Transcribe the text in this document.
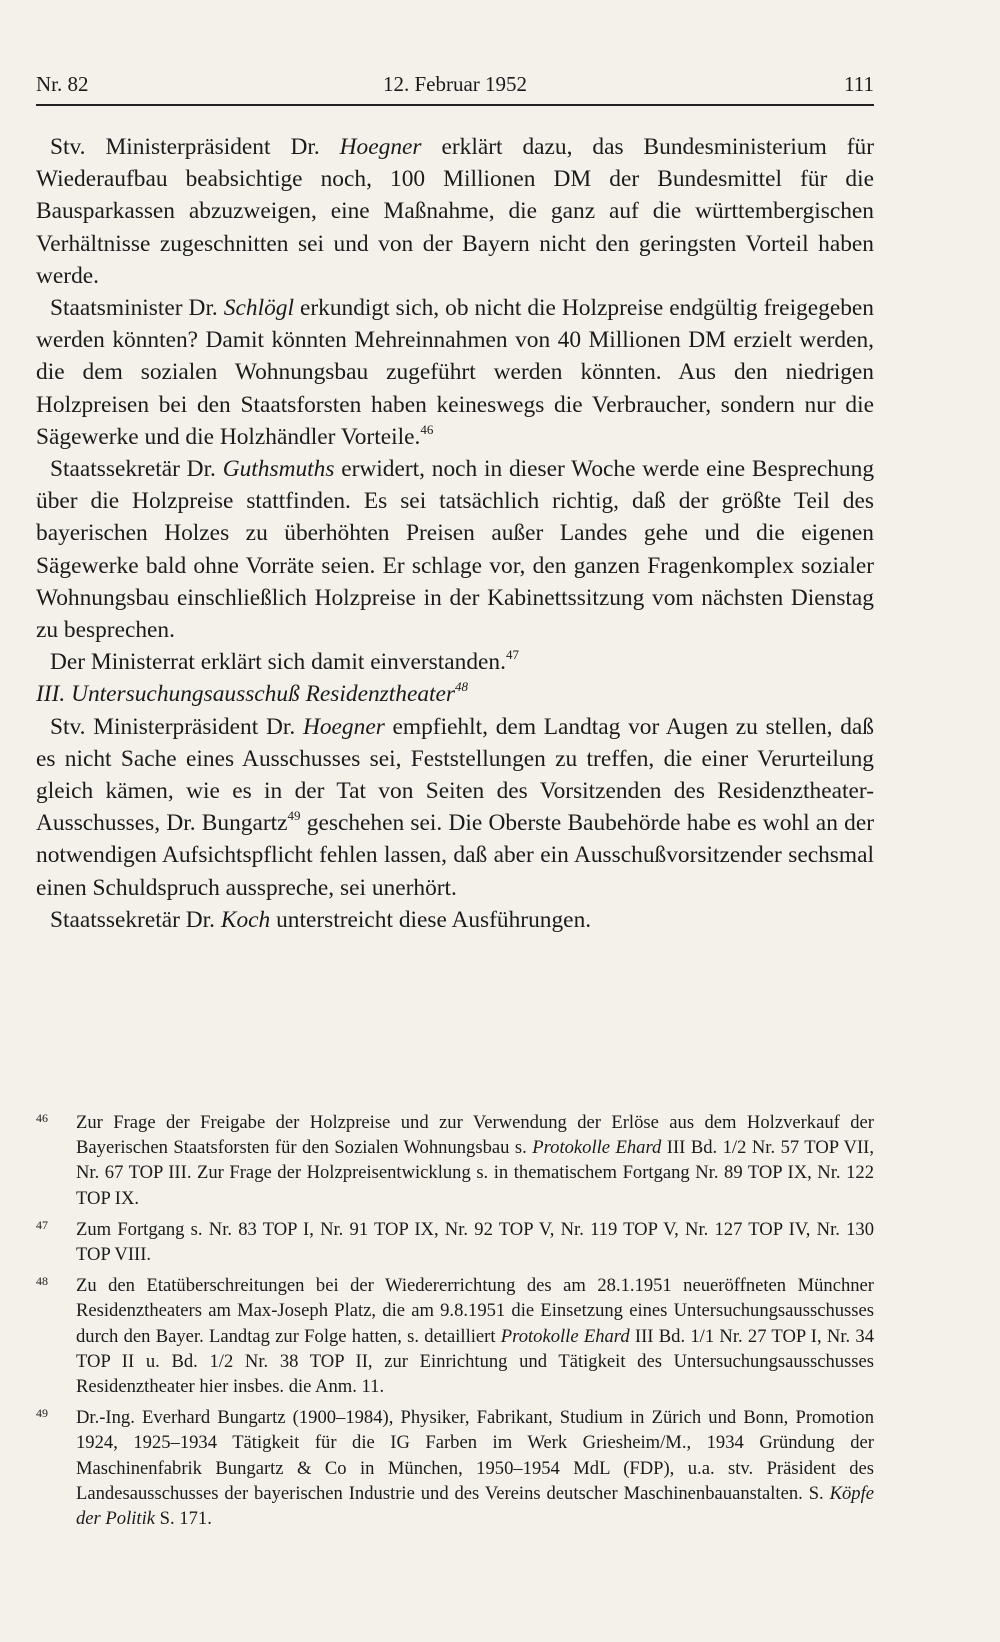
Nr. 82	12. Februar 1952	111

Stv. Ministerpräsident Dr. Hoegner erklärt dazu, das Bundesministerium für Wiederaufbau beabsichtige noch, 100 Millionen DM der Bundesmittel für die Bausparkassen abzuzweigen, eine Maßnahme, die ganz auf die württembergischen Verhältnisse zugeschnitten sei und von der Bayern nicht den geringsten Vorteil haben werde.

Staatsminister Dr. Schlögl erkundigt sich, ob nicht die Holzpreise endgültig freigegeben werden könnten? Damit könnten Mehreinnahmen von 40 Millionen DM erzielt werden, die dem sozialen Wohnungsbau zugeführt werden könnten. Aus den niedrigen Holzpreisen bei den Staatsforsten haben keineswegs die Verbraucher, sondern nur die Sägewerke und die Holzhändler Vorteile.$^{46}$

Staatssekretär Dr. Guthsmuths erwidert, noch in dieser Woche werde eine Besprechung über die Holzpreise stattfinden. Es sei tatsächlich richtig, daß der größte Teil des bayerischen Holzes zu überhöhten Preisen außer Landes gehe und die eigenen Sägewerke bald ohne Vorräte seien. Er schlage vor, den ganzen Fragenkomplex sozialer Wohnungsbau einschließlich Holzpreise in der Kabinettssitzung vom nächsten Dienstag zu besprechen.

Der Ministerrat erklärt sich damit einverstanden.$^{47}$

III. Untersuchungsausschuß Residenztheater$^{48}$

Stv. Ministerpräsident Dr. Hoegner empfiehlt, dem Landtag vor Augen zu stellen, daß es nicht Sache eines Ausschusses sei, Feststellungen zu treffen, die einer Verurteilung gleich kämen, wie es in der Tat von Seiten des Vorsitzenden des Residenztheater-Ausschusses, Dr. Bungartz$^{49}$ geschehen sei. Die Oberste Baubehörde habe es wohl an der notwendigen Aufsichtspflicht fehlen lassen, daß aber ein Ausschußvorsitzender sechsmal einen Schuldspruch ausspreche, sei unerhört.

Staatssekretär Dr. Koch unterstreicht diese Ausführungen.

46 Zur Frage der Freigabe der Holzpreise und zur Verwendung der Erlöse aus dem Holzverkauf der Bayerischen Staatsforsten für den Sozialen Wohnungsbau s. Protokolle Ehard III Bd. 1/2 Nr. 57 TOP VII, Nr. 67 TOP III. Zur Frage der Holzpreisentwicklung s. in thematischem Fortgang Nr. 89 TOP IX, Nr. 122 TOP IX.
47 Zum Fortgang s. Nr. 83 TOP I, Nr. 91 TOP IX, Nr. 92 TOP V, Nr. 119 TOP V, Nr. 127 TOP IV, Nr. 130 TOP VIII.
48 Zu den Etatüberschreitungen bei der Wiedererrichtung des am 28.1.1951 neueröffneten Münchner Residenztheaters am Max-Joseph Platz, die am 9.8.1951 die Einsetzung eines Untersuchungsausschusses durch den Bayer. Landtag zur Folge hatten, s. detailliert Protokolle Ehard III Bd. 1/1 Nr. 27 TOP I, Nr. 34 TOP II u. Bd. 1/2 Nr. 38 TOP II, zur Einrichtung und Tätigkeit des Untersuchungsausschusses Residenztheater hier insbes. die Anm. 11.
49 Dr.-Ing. Everhard Bungartz (1900–1984), Physiker, Fabrikant, Studium in Zürich und Bonn, Promotion 1924, 1925–1934 Tätigkeit für die IG Farben im Werk Griesheim/M., 1934 Gründung der Maschinenfabrik Bungartz & Co in München, 1950–1954 MdL (FDP), u.a. stv. Präsident des Landesausschusses der bayerischen Industrie und des Vereins deutscher Maschinenbauanstalten. S. Köpfe der Politik S. 171.
